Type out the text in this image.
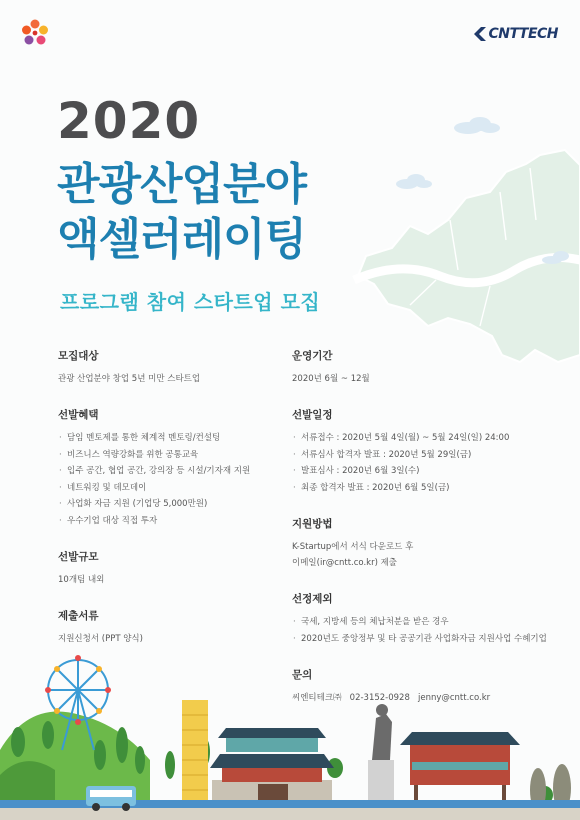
CNTTECH
2020
관광산업분야
액셀러레이팅
프로그램 참여 스타트업 모집
모집대상
관광 산업분야 창업 5년 미만 스타트업
선발혜택
· 담임 멘토제를 통한 체계적 멘토링/컨설팅
· 비즈니스 역량강화를 위한 공통교육
· 입주 공간, 협업 공간, 강의장 등 시설/기자재 지원
· 네트워킹 및 데모데이
· 사업화 자금 지원 (기업당 5,000만원)
· 우수기업 대상 직접 투자
선발규모
10개팀 내외
제출서류
지원신청서 (PPT 양식)
운영기간
2020년 6월 ~ 12월
선발일정
· 서류접수 : 2020년 5월 4일(월) ~ 5월 24일(일) 24:00
· 서류심사 합격자 발표 : 2020년 5월 29일(금)
· 발표심사 : 2020년 6월 3일(수)
· 최종 합격자 발표 : 2020년 6월 5일(금)
지원방법
K-Startup에서 서식 다운로드 후
이메일(ir@cntt.co.kr) 제출
선정제외
· 국세, 지방세 등의 체납처분을 받은 경우
· 2020년도 중앙정부 및 타 공공기관 사업화자금 지원사업 수혜기업
문의
씨엔티테크㈜   02-3152-0928   jenny@cntt.co.kr
